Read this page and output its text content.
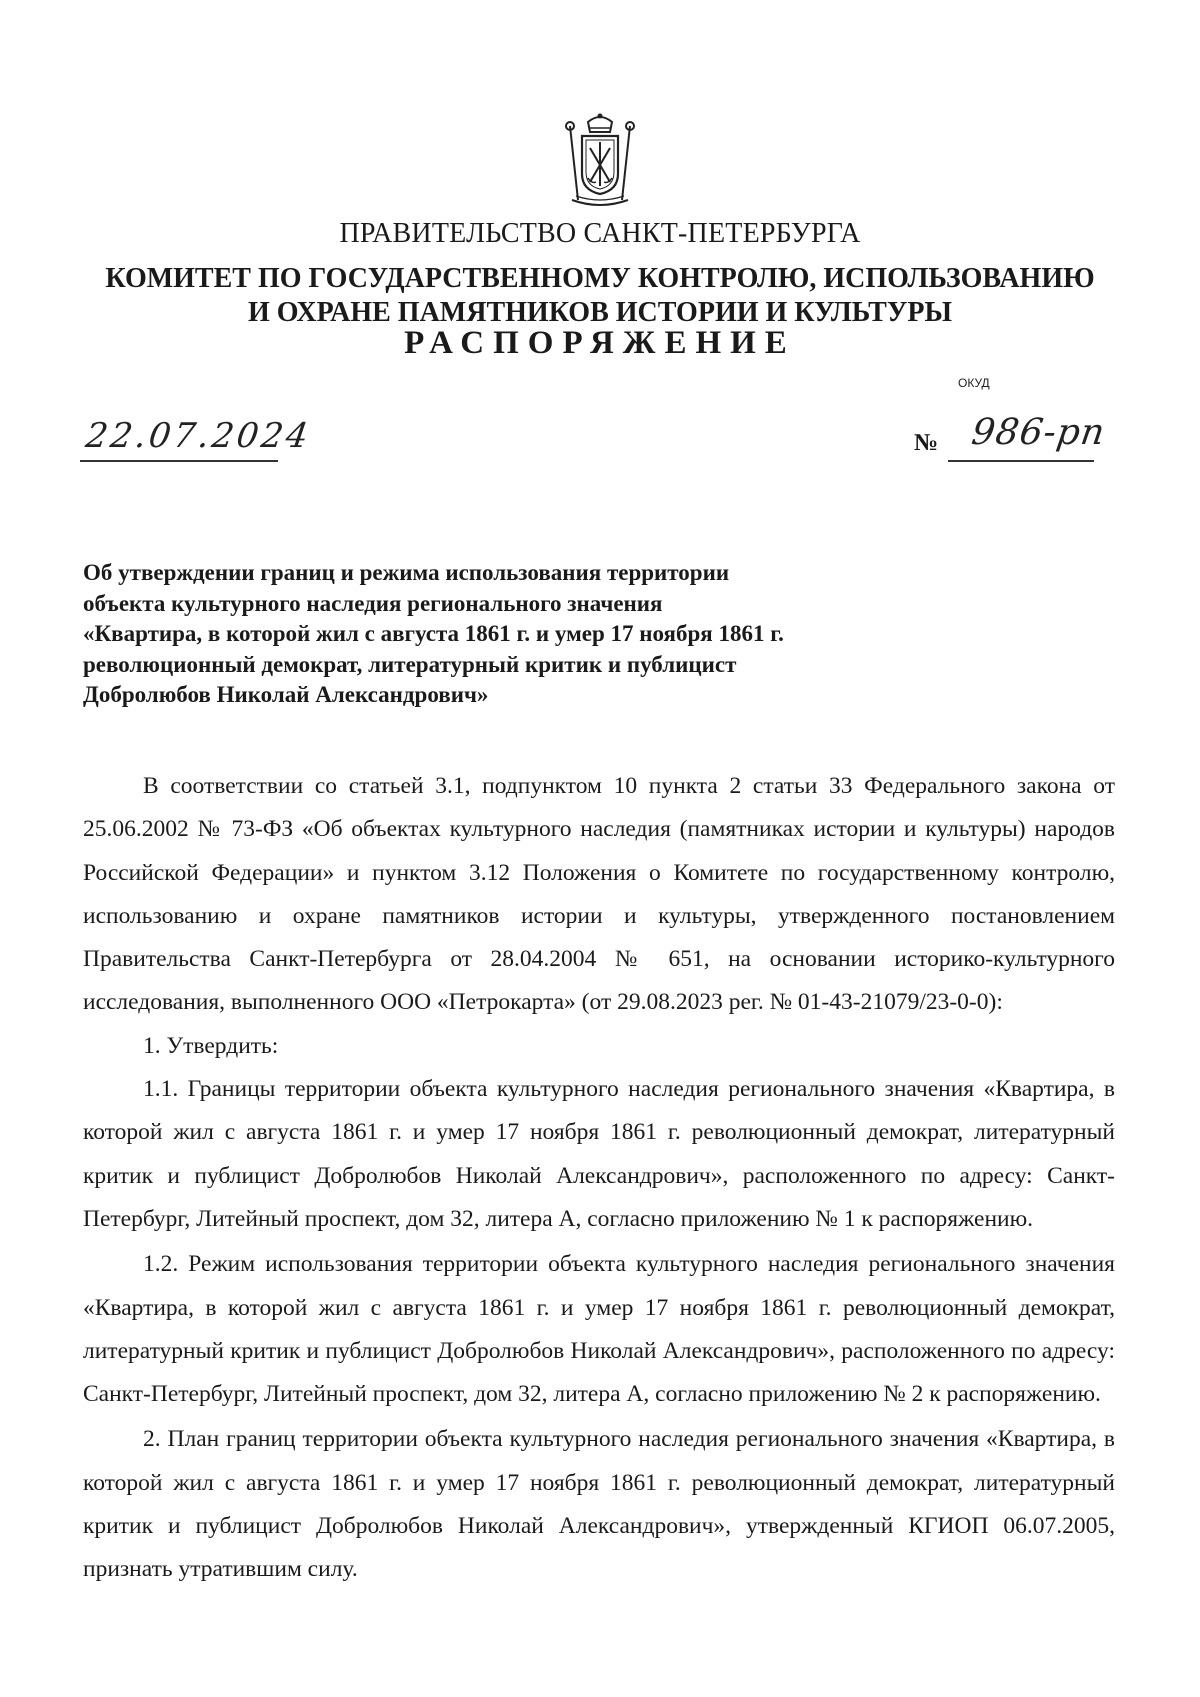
ПРАВИТЕЛЬСТВО САНКТ-ПЕТЕРБУРГА
КОМИТЕТ ПО ГОСУДАРСТВЕННОМУ КОНТРОЛЮ, ИСПОЛЬЗОВАНИЮ
И ОХРАНЕ ПАМЯТНИКОВ ИСТОРИИ И КУЛЬТУРЫ
РАСПОРЯЖЕНИЕ
ОКУД
22.07.2024	№ 986-рп
Об утверждении границ и режима использования территории
объекта культурного наследия регионального значения
«Квартира, в которой жил с августа 1861 г. и умер 17 ноября 1861 г.
революционный демократ, литературный критик и публицист
Добролюбов Николай Александрович»

В соответствии со статьей 3.1, подпунктом 10 пункта 2 статьи 33 Федерального закона от 25.06.2002 № 73-ФЗ «Об объектах культурного наследия (памятниках истории и культуры) народов Российской Федерации» и пунктом 3.12 Положения о Комитете по государственному контролю, использованию и охране памятников истории и культуры, утвержденного постановлением Правительства Санкт-Петербурга от 28.04.2004 № 651, на основании историко-культурного исследования, выполненного ООО «Петрокарта» (от 29.08.2023 рег. № 01-43-21079/23-0-0):

1. Утвердить:

1.1. Границы территории объекта культурного наследия регионального значения «Квартира, в которой жил с августа 1861 г. и умер 17 ноября 1861 г. революционный демократ, литературный критик и публицист Добролюбов Николай Александрович», расположенного по адресу: Санкт-Петербург, Литейный проспект, дом 32, литера А, согласно приложению № 1 к распоряжению.

1.2. Режим использования территории объекта культурного наследия регионального значения «Квартира, в которой жил с августа 1861 г. и умер 17 ноября 1861 г. революционный демократ, литературный критик и публицист Добролюбов Николай Александрович», расположенного по адресу: Санкт-Петербург, Литейный проспект, дом 32, литера А, согласно приложению № 2 к распоряжению.

2. План границ территории объекта культурного наследия регионального значения «Квартира, в которой жил с августа 1861 г. и умер 17 ноября 1861 г. революционный демократ, литературный критик и публицист Добролюбов Николай Александрович», утвержденный КГИОП 06.07.2005, признать утратившим силу.
